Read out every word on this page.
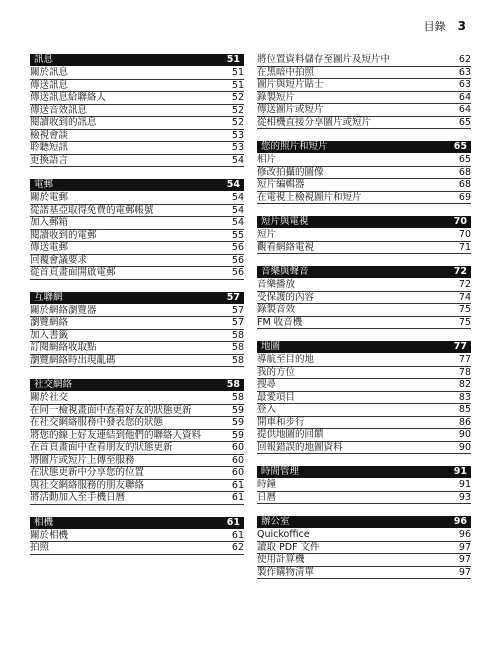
目錄 3
訊息	51
關於訊息	51
傳送訊息	51
傳送訊息給聯絡人	52
傳送音效訊息	52
閱讀收到的訊息	52
檢視會談	53
聆聽短訊	53
更換語言	54
電郵	54
關於電郵	54
從諾基亞取得免費的電郵帳號	54
加入郵箱	54
閱讀收到的電郵	55
傳送電郵	56
回覆會議要求	56
從首頁畫面開啟電郵	56
互聯網	57
關於網絡瀏覽器	57
瀏覽網絡	57
加入書籤	58
訂閱網絡收取點	58
瀏覽網絡時出現亂碼	58
社交網絡	58
關於社交	58
在同一檢視畫面中查看好友的狀態更新	59
在社交網絡服務中發表您的狀態	59
將您的線上好友連結到他們的聯絡人資料	59
在首頁畫面中查看朋友的狀態更新	60
將圖片或短片上傳至服務	60
在狀態更新中分享您的位置	60
與社交網絡服務的朋友聯絡	61
將活動加入至手機日曆	61
相機	61
關於相機	61
拍照	62
將位置資料儲存至圖片及短片中	62
在黑暗中拍照	63
圖片與短片貼士	63
錄製短片	64
傳送圖片或短片	64
從相機直接分享圖片或短片	65
您的照片和短片	65
相片	65
修改拍攝的圖像	68
短片編輯器	68
在電視上檢視圖片和短片	69
短片與電視	70
短片	70
觀看網絡電視	71
音樂與聲音	72
音樂播放	72
受保護的內容	74
錄製音效	75
FM 收音機	75
地圖	77
導航至目的地	77
我的方位	78
搜尋	82
最愛項目	83
登入	85
開車和步行	86
提供地圖的回饋	90
回報錯誤的地圖資料	90
時間管理	91
時鐘	91
日曆	93
辦公室	96
Quickoffice	96
讀取 PDF 文件	97
使用計算機	97
製作購物清單	97
